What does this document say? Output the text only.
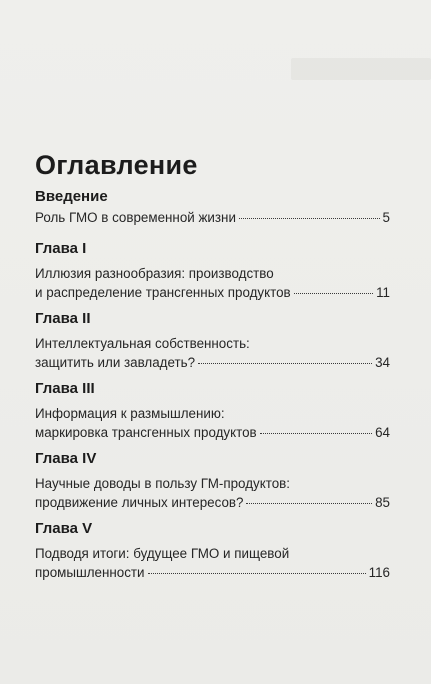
Оглавление
Введение
Роль ГМО в современной жизни	5
Глава I
Иллюзия разнообразия: производство
и распределение трансгенных продуктов	11
Глава II
Интеллектуальная собственность:
защитить или завладеть?	34
Глава III
Информация к размышлению:
маркировка трансгенных продуктов	64
Глава IV
Научные доводы в пользу ГМ-продуктов:
продвижение личных интересов?	85
Глава V
Подводя итоги: будущее ГМО и пищевой
промышленности	116
